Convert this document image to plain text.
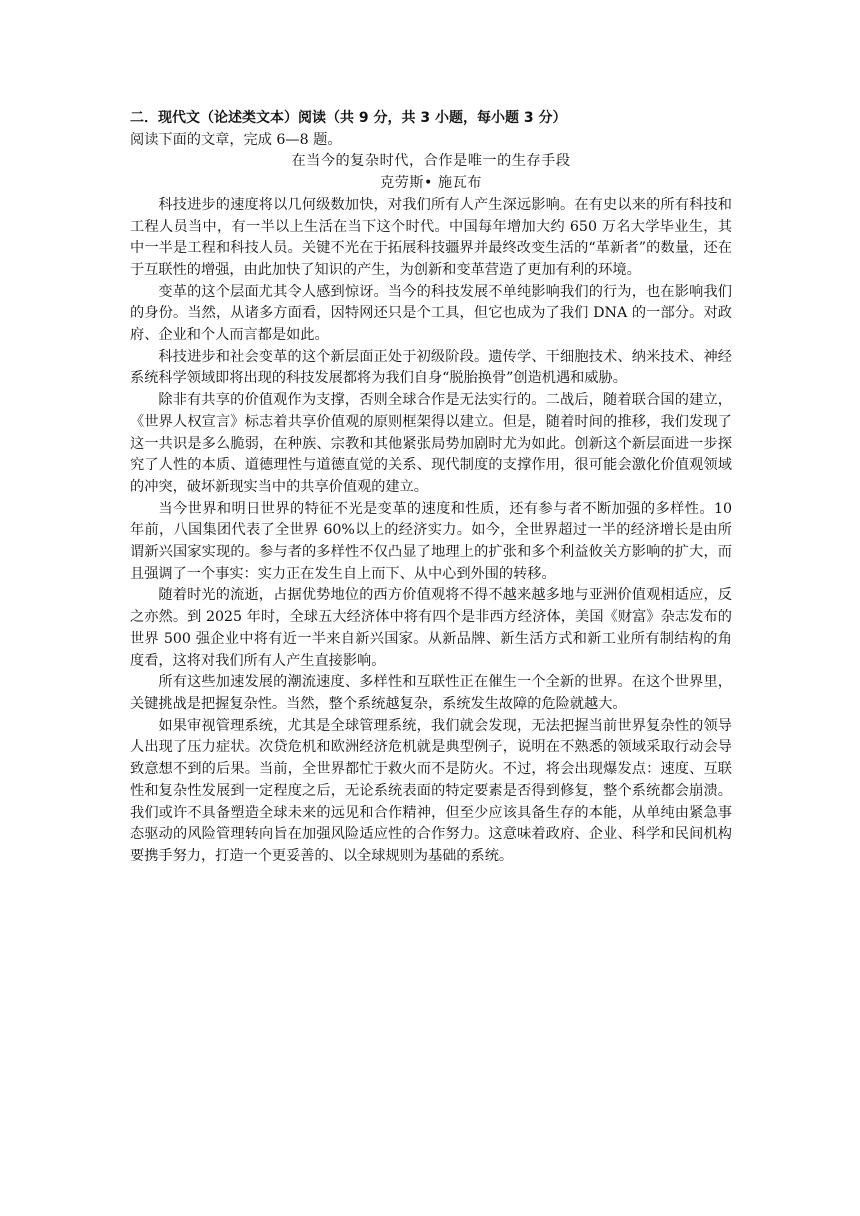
二．现代文（论述类文本）阅读（共 9 分，共 3 小题，每小题 3 分）

阅读下面的文章，完成 6—8 题。

在当今的复杂时代，合作是唯一的生存手段

克劳斯• 施瓦布

科技进步的速度将以几何级数加快，对我们所有人产生深远影响。在有史以来的所有科技和工程人员当中，有一半以上生活在当下这个时代。中国每年增加大约 650 万名大学毕业生，其中一半是工程和科技人员。关键不光在于拓展科技疆界并最终改变生活的“革新者”的数量，还在于互联性的增强，由此加快了知识的产生，为创新和变革营造了更加有利的环境。

变革的这个层面尤其令人感到惊讶。当今的科技发展不单纯影响我们的行为，也在影响我们的身份。当然，从诸多方面看，因特网还只是个工具，但它也成为了我们 DNA 的一部分。对政府、企业和个人而言都是如此。

科技进步和社会变革的这个新层面正处于初级阶段。遗传学、干细胞技术、纳米技术、神经系统科学领域即将出现的科技发展都将为我们自身“脱胎换骨”创造机遇和威胁。

除非有共享的价值观作为支撑，否则全球合作是无法实行的。二战后，随着联合国的建立，《世界人权宣言》标志着共享价值观的原则框架得以建立。但是，随着时间的推移，我们发现了这一共识是多么脆弱，在种族、宗教和其他紧张局势加剧时尤为如此。创新这个新层面进一步探究了人性的本质、道德理性与道德直觉的关系、现代制度的支撑作用，很可能会激化价值观领域的冲突，破坏新现实当中的共享价值观的建立。

当今世界和明日世界的特征不光是变革的速度和性质，还有参与者不断加强的多样性。10 年前，八国集团代表了全世界 60%以上的经济实力。如今，全世界超过一半的经济增长是由所谓新兴国家实现的。参与者的多样性不仅凸显了地理上的扩张和多个利益攸关方影响的扩大，而且强调了一个事实：实力正在发生自上而下、从中心到外围的转移。

随着时光的流逝，占据优势地位的西方价值观将不得不越来越多地与亚洲价值观相适应，反之亦然。到 2025 年时，全球五大经济体中将有四个是非西方经济体，美国《财富》杂志发布的世界 500 强企业中将有近一半来自新兴国家。从新品牌、新生活方式和新工业所有制结构的角度看，这将对我们所有人产生直接影响。

所有这些加速发展的潮流速度、多样性和互联性正在催生一个全新的世界。在这个世界里，关键挑战是把握复杂性。当然，整个系统越复杂，系统发生故障的危险就越大。

如果审视管理系统，尤其是全球管理系统，我们就会发现，无法把握当前世界复杂性的领导人出现了压力症状。次贷危机和欧洲经济危机就是典型例子，说明在不熟悉的领域采取行动会导致意想不到的后果。当前，全世界都忙于救火而不是防火。不过，将会出现爆发点：速度、互联性和复杂性发展到一定程度之后，无论系统表面的特定要素是否得到修复，整个系统都会崩溃。我们或许不具备塑造全球未来的远见和合作精神，但至少应该具备生存的本能，从单纯由紧急事态驱动的风险管理转向旨在加强风险适应性的合作努力。这意味着政府、企业、科学和民间机构要携手努力，打造一个更妥善的、以全球规则为基础的系统。
